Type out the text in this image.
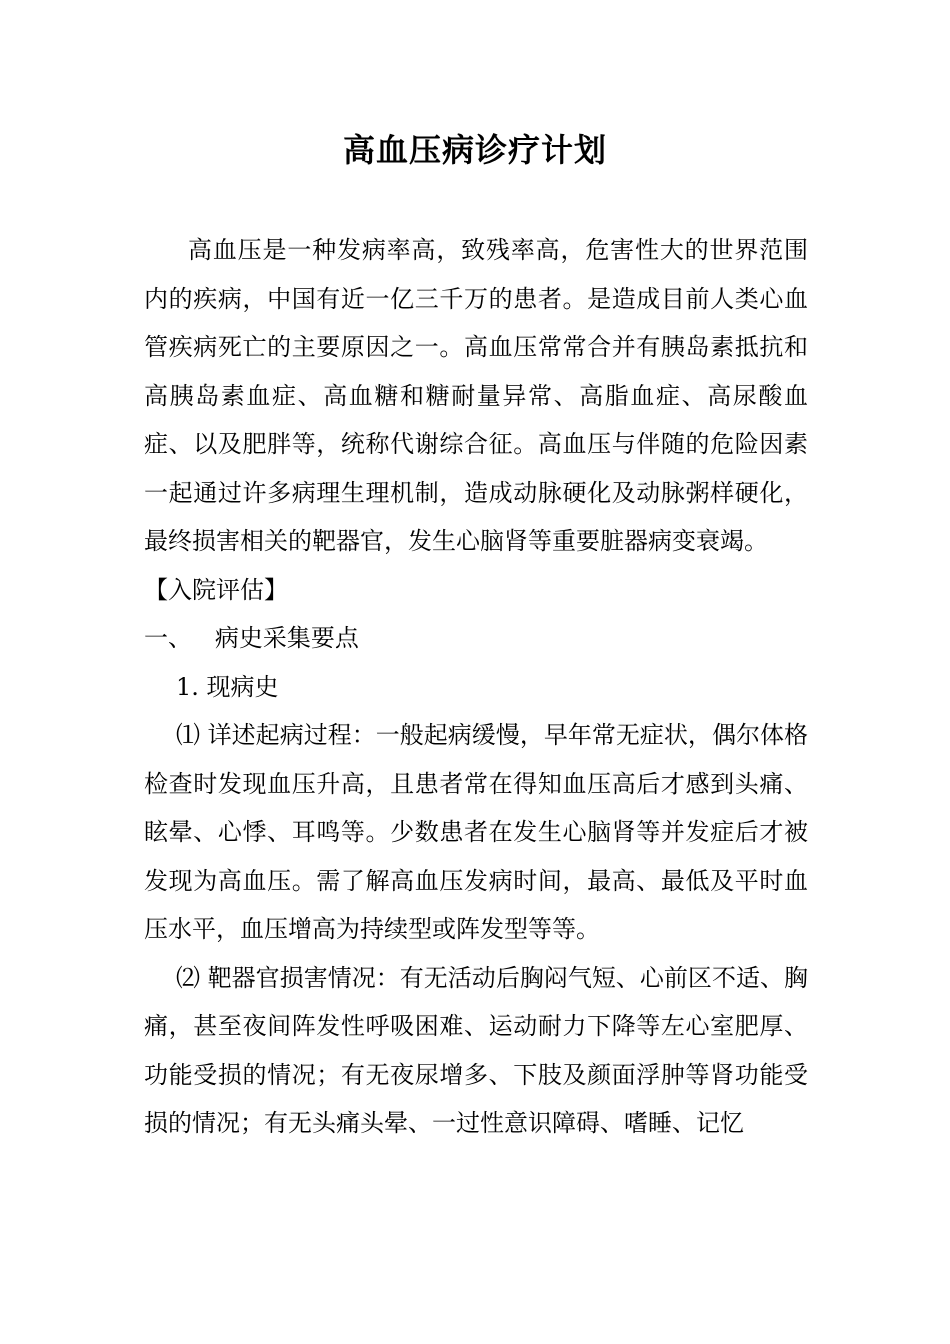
高血压病诊疗计划

高血压是一种发病率高，致残率高，危害性大的世界范围内的疾病，中国有近一亿三千万的患者。是造成目前人类心血管疾病死亡的主要原因之一。高血压常常合并有胰岛素抵抗和高胰岛素血症、高血糖和糖耐量异常、高脂血症、高尿酸血症、以及肥胖等，统称代谢综合征。高血压与伴随的危险因素一起通过许多病理生理机制，造成动脉硬化及动脉粥样硬化，最终损害相关的靶器官，发生心脑肾等重要脏器病变衰竭。

【入院评估】

一、   病史采集要点

1. 现病史

⑴ 详述起病过程：一般起病缓慢，早年常无症状，偶尔体格检查时发现血压升高，且患者常在得知血压高后才感到头痛、眩晕、心悸、耳鸣等。少数患者在发生心脑肾等并发症后才被发现为高血压。需了解高血压发病时间，最高、最低及平时血压水平，血压增高为持续型或阵发型等等。

⑵ 靶器官损害情况：有无活动后胸闷气短、心前区不适、胸痛，甚至夜间阵发性呼吸困难、运动耐力下降等左心室肥厚、功能受损的情况；有无夜尿增多、下肢及颜面浮肿等肾功能受损的情况；有无头痛头晕、一过性意识障碍、嗜睡、记忆
